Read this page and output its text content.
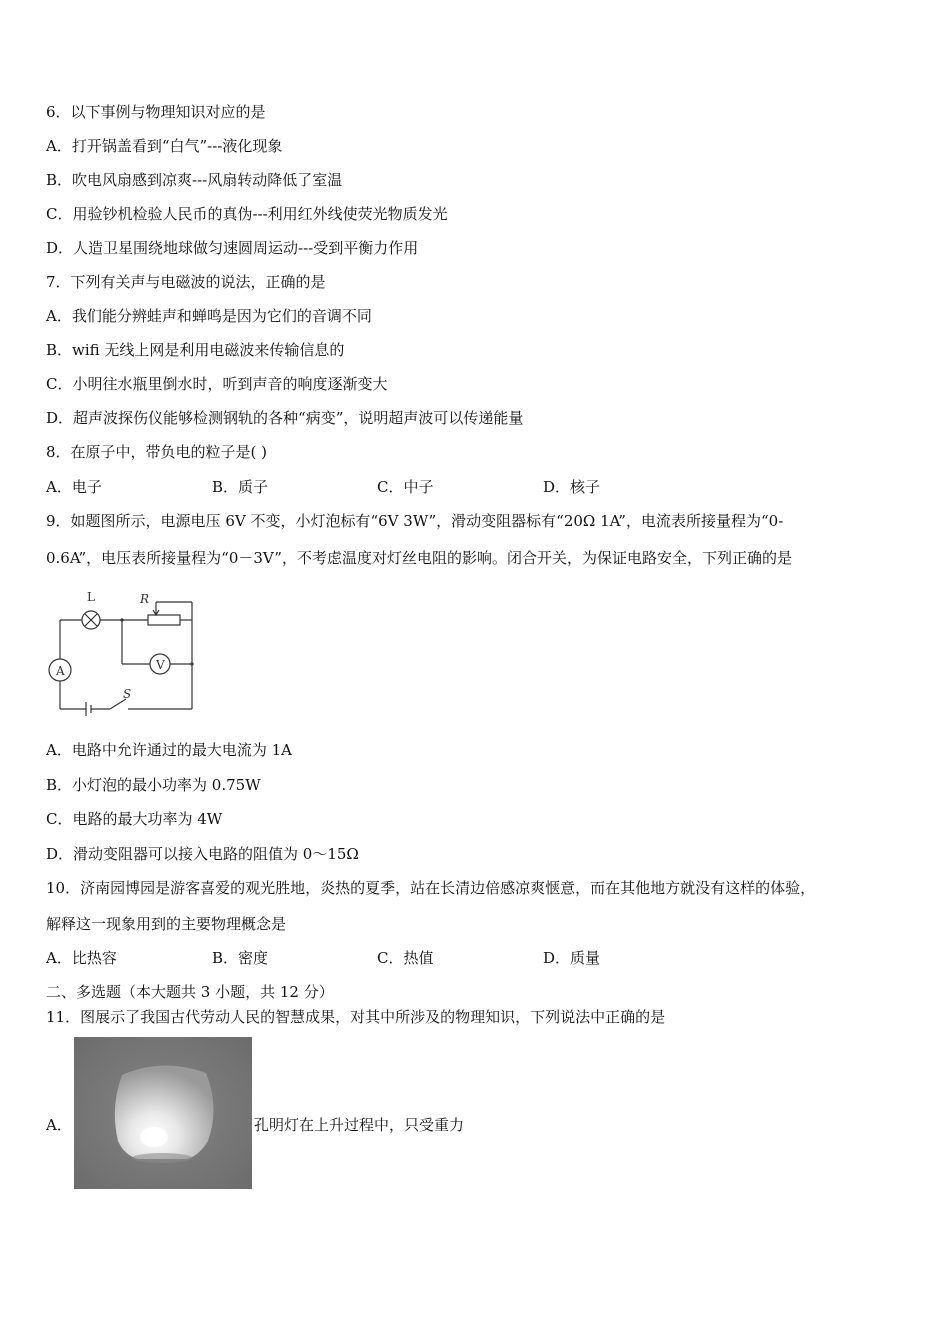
6．以下事例与物理知识对应的是
A．打开锅盖看到“白气”---液化现象
B．吹电风扇感到凉爽---风扇转动降低了室温
C．用验钞机检验人民币的真伪---利用红外线使荧光物质发光
D．人造卫星围绕地球做匀速圆周运动---受到平衡力作用
7．下列有关声与电磁波的说法，正确的是
A．我们能分辨蛙声和蝉鸣是因为它们的音调不同
B．wifi 无线上网是利用电磁波来传输信息的
C．小明往水瓶里倒水时，听到声音的响度逐渐变大
D．超声波探伤仪能够检测钢轨的各种“病变”，说明超声波可以传递能量
8．在原子中，带负电的粒子是( )
A．电子	B．质子	C．中子	D．核子
9．如题图所示，电源电压 6V 不变，小灯泡标有“6V 3W”，滑动变阻器标有“20Ω 1A”，电流表所接量程为“0-
0.6A”，电压表所接量程为“0－3V”，不考虑温度对灯丝电阻的影响。闭合开关，为保证电路安全，下列正确的是
L	R
A	V
S
A．电路中允许通过的最大电流为 1A
B．小灯泡的最小功率为 0.75W
C．电路的最大功率为 4W
D．滑动变阻器可以接入电路的阻值为 0～15Ω
10．济南园博园是游客喜爱的观光胜地，炎热的夏季，站在长清边倍感凉爽惬意，而在其他地方就没有这样的体验，
解释这一现象用到的主要物理概念是
A．比热容	B．密度	C．热值	D．质量
二、多选题（本大题共 3 小题，共 12 分）
11．图展示了我国古代劳动人民的智慧成果，对其中所涉及的物理知识，下列说法中正确的是
A．	孔明灯在上升过程中，只受重力
